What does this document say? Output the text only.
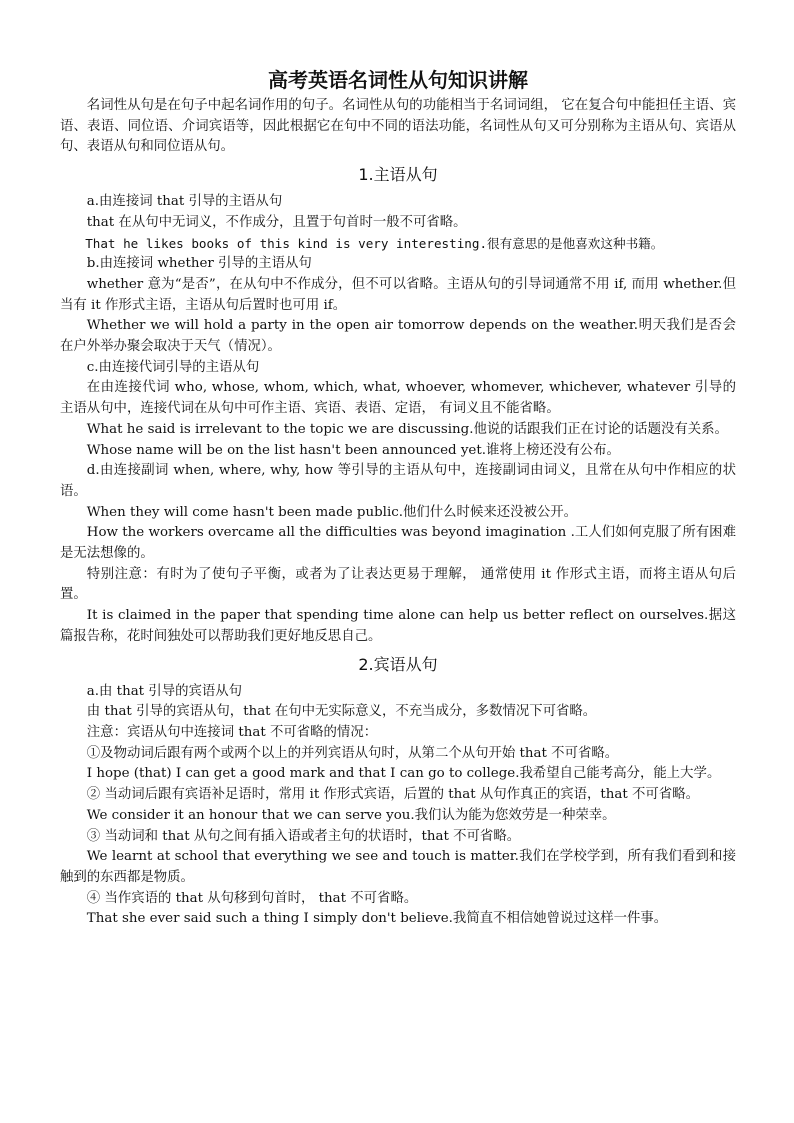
高考英语名词性从句知识讲解

名词性从句是在句子中起名词作用的句子。名词性从句的功能相当于名词词组， 它在复合句中能担任主语、宾语、表语、同位语、介词宾语等，因此根据它在句中不同的语法功能，名词性从句又可分别称为主语从句、宾语从句、表语从句和同位语从句。

1.主语从句

a.由连接词 that 引导的主语从句

that 在从句中无词义，不作成分，且置于句首时一般不可省略。

That he likes books of this kind is very interesting.很有意思的是他喜欢这种书籍。

b.由连接词 whether 引导的主语从句

whether 意为“是否”，在从句中不作成分，但不可以省略。主语从句的引导词通常不用 if, 而用 whether.但当有 it 作形式主语，主语从句后置时也可用 if。

Whether we will hold a party in the open air tomorrow depends on the weather.明天我们是否会在户外举办聚会取决于天气（情况）。

c.由连接代词引导的主语从句

在由连接代词 who, whose, whom, which, what, whoever, whomever, whichever, whatever 引导的主语从句中，连接代词在从句中可作主语、宾语、表语、定语， 有词义且不能省略。

What he said is irrelevant to the topic we are discussing.他说的话跟我们正在讨论的话题没有关系。

Whose name will be on the list hasn't been announced yet.谁将上榜还没有公布。

d.由连接副词 when, where, why, how 等引导的主语从句中，连接副词由词义，且常在从句中作相应的状语。

When they will come hasn't been made public.他们什么时候来还没被公开。

How the workers overcame all the difficulties was beyond imagination .工人们如何克服了所有困难是无法想像的。

特别注意：有时为了使句子平衡，或者为了让表达更易于理解， 通常使用 it 作形式主语，而将主语从句后置。

It is claimed in the paper that spending time alone can help us better reflect on ourselves.据这篇报告称，花时间独处可以帮助我们更好地反思自己。

2.宾语从句

a.由 that 引导的宾语从句

由 that 引导的宾语从句，that 在句中无实际意义，不充当成分，多数情况下可省略。

注意：宾语从句中连接词 that 不可省略的情况：

①及物动词后跟有两个或两个以上的并列宾语从句时，从第二个从句开始 that 不可省略。

I hope (that) I can get a good mark and that I can go to college.我希望自己能考高分，能上大学。

② 当动词后跟有宾语补足语时，常用 it 作形式宾语，后置的 that 从句作真正的宾语，that 不可省略。

We consider it an honour that we can serve you.我们认为能为您效劳是一种荣幸。

③ 当动词和 that 从句之间有插入语或者主句的状语时，that 不可省略。

We learnt at school that everything we see and touch is matter.我们在学校学到，所有我们看到和接触到的东西都是物质。

④ 当作宾语的 that 从句移到句首时， that 不可省略。

That she ever said such a thing I simply don't believe.我简直不相信她曾说过这样一件事。
